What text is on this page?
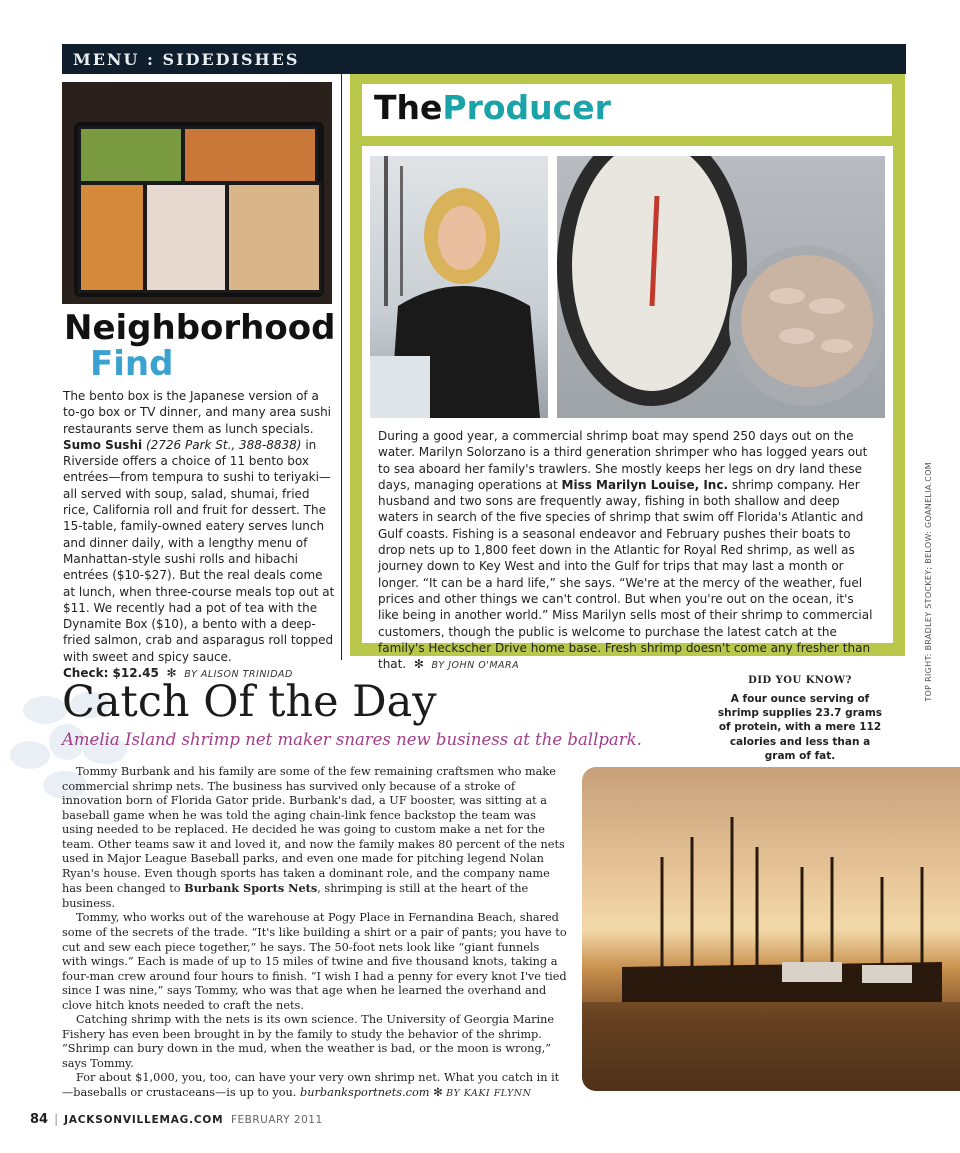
MENU : SIDEDISHES
Neighborhood
Find
The bento box is the Japanese version of a to-go box or TV dinner, and many area sushi restaurants serve them as lunch specials. Sumo Sushi (2726 Park St., 388-8838) in Riverside offers a choice of 11 bento box entrées—from tempura to sushi to teriyaki—all served with soup, salad, shumai, fried rice, California roll and fruit for dessert. The 15-table, family-owned eatery serves lunch and dinner daily, with a lengthy menu of Manhattan-style sushi rolls and hibachi entrées ($10-$27). But the real deals come at lunch, when three-course meals top out at $11. We recently had a pot of tea with the Dynamite Box ($10), a bento with a deep-fried salmon, crab and asparagus roll topped with sweet and spicy sauce.
Check: $12.45  ✻  BY ALISON TRINIDAD
TheProducer
During a good year, a commercial shrimp boat may spend 250 days out on the water. Marilyn Solorzano is a third generation shrimper who has logged years out to sea aboard her family's trawlers. She mostly keeps her legs on dry land these days, managing operations at Miss Marilyn Louise, Inc. shrimp company. Her husband and two sons are frequently away, fishing in both shallow and deep waters in search of the five species of shrimp that swim off Florida's Atlantic and Gulf coasts. Fishing is a seasonal endeavor and February pushes their boats to drop nets up to 1,800 feet down in the Atlantic for Royal Red shrimp, as well as journey down to Key West and into the Gulf for trips that may last a month or longer. “It can be a hard life,” she says. “We're at the mercy of the weather, fuel prices and other things we can't control. But when you're out on the ocean, it's like being in another world.” Miss Marilyn sells most of their shrimp to commercial customers, though the public is welcome to purchase the latest catch at the family's Heckscher Drive home base. Fresh shrimp doesn't come any fresher than that.  ✻  BY JOHN O'MARA	TOP RIGHT: BRADLEY STOCKEY; BELOW: GOANELIA.COM
Catch Of the Day
Amelia Island shrimp net maker snares new business at the ballpark.
DID YOU KNOW?
A four ounce serving of shrimp supplies 23.7 grams of protein, with a mere 112 calories and less than a gram of fat.

Tommy Burbank and his family are some of the few remaining craftsmen who make commercial shrimp nets. The business has survived only because of a stroke of innovation born of Florida Gator pride. Burbank's dad, a UF booster, was sitting at a baseball game when he was told the aging chain-link fence backstop the team was using needed to be replaced. He decided he was going to custom make a net for the team. Other teams saw it and loved it, and now the family makes 80 percent of the nets used in Major League Baseball parks, and even one made for pitching legend Nolan Ryan's house. Even though sports has taken a dominant role, and the company name has been changed to Burbank Sports Nets, shrimping is still at the heart of the business.

Tommy, who works out of the warehouse at Pogy Place in Fernandina Beach, shared some of the secrets of the trade. “It's like building a shirt or a pair of pants; you have to cut and sew each piece together,” he says. The 50-foot nets look like “giant funnels with wings.” Each is made of up to 15 miles of twine and five thousand knots, taking a four-man crew around four hours to finish. “I wish I had a penny for every knot I've tied since I was nine,” says Tommy, who was that age when he learned the overhand and clove hitch knots needed to craft the nets.

Catching shrimp with the nets is its own science. The University of Georgia Marine Fishery has even been brought in by the family to study the behavior of the shrimp. “Shrimp can bury down in the mud, when the weather is bad, or the moon is wrong,” says Tommy.

For about $1,000, you, too, can have your very own shrimp net. What you catch in it—baseballs or crustaceans—is up to you. burbanksportnets.com ✻ BY KAKI FLYNN

84 | JACKSONVILLEMAG.COM FEBRUARY 2011
